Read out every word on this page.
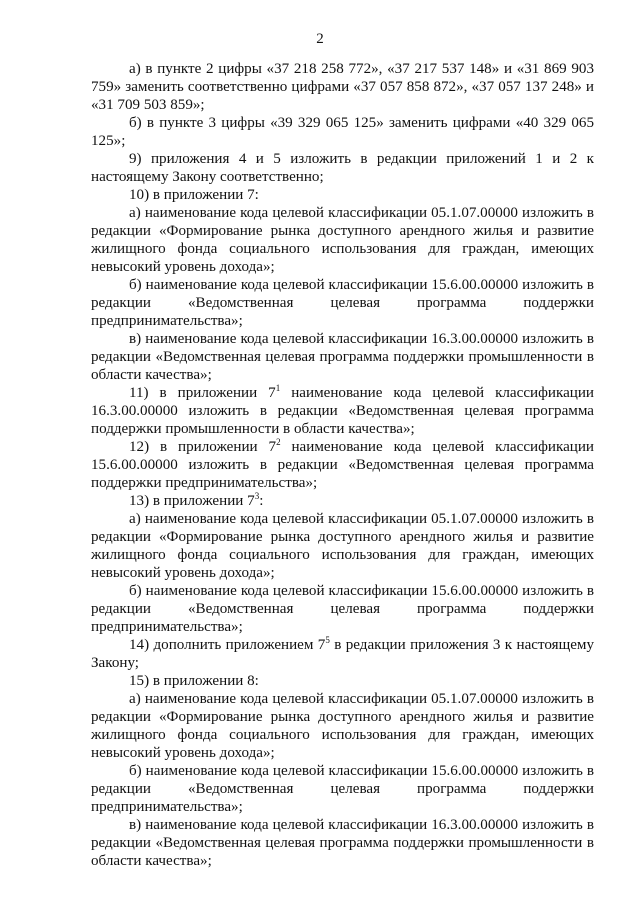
2

а) в пункте 2 цифры «37 218 258 772», «37 217 537 148» и «31 869 903 759» заменить соответственно цифрами «37 057 858 872», «37 057 137 248» и «31 709 503 859»;

б) в пункте 3 цифры «39 329 065 125» заменить цифрами «40 329 065 125»;

9) приложения 4 и 5 изложить в редакции приложений 1 и 2 к настоящему Закону соответственно;

10) в приложении 7:

а) наименование кода целевой классификации 05.1.07.00000 изложить в редакции «Формирование рынка доступного арендного жилья и развитие жилищного фонда социального использования для граждан, имеющих невысокий уровень дохода»;

б) наименование кода целевой классификации 15.6.00.00000 изложить в редакции «Ведомственная целевая программа поддержки предпринимательства»;

в) наименование кода целевой классификации 16.3.00.00000 изложить в редакции «Ведомственная целевая программа поддержки промышленности в области качества»;

11) в приложении $7^1$ наименование кода целевой классификации 16.3.00.00000 изложить в редакции «Ведомственная целевая программа поддержки промышленности в области качества»;

12) в приложении $7^2$ наименование кода целевой классификации 15.6.00.00000 изложить в редакции «Ведомственная целевая программа поддержки предпринимательства»;

13) в приложении $7^3$:

а) наименование кода целевой классификации 05.1.07.00000 изложить в редакции «Формирование рынка доступного арендного жилья и развитие жилищного фонда социального использования для граждан, имеющих невысокий уровень дохода»;

б) наименование кода целевой классификации 15.6.00.00000 изложить в редакции «Ведомственная целевая программа поддержки предпринимательства»;

14) дополнить приложением $7^5$ в редакции приложения 3 к настоящему Закону;

15) в приложении 8:

а) наименование кода целевой классификации 05.1.07.00000 изложить в редакции «Формирование рынка доступного арендного жилья и развитие жилищного фонда социального использования для граждан, имеющих невысокий уровень дохода»;

б) наименование кода целевой классификации 15.6.00.00000 изложить в редакции «Ведомственная целевая программа поддержки предпринимательства»;

в) наименование кода целевой классификации 16.3.00.00000 изложить в редакции «Ведомственная целевая программа поддержки промышленности в области качества»;
